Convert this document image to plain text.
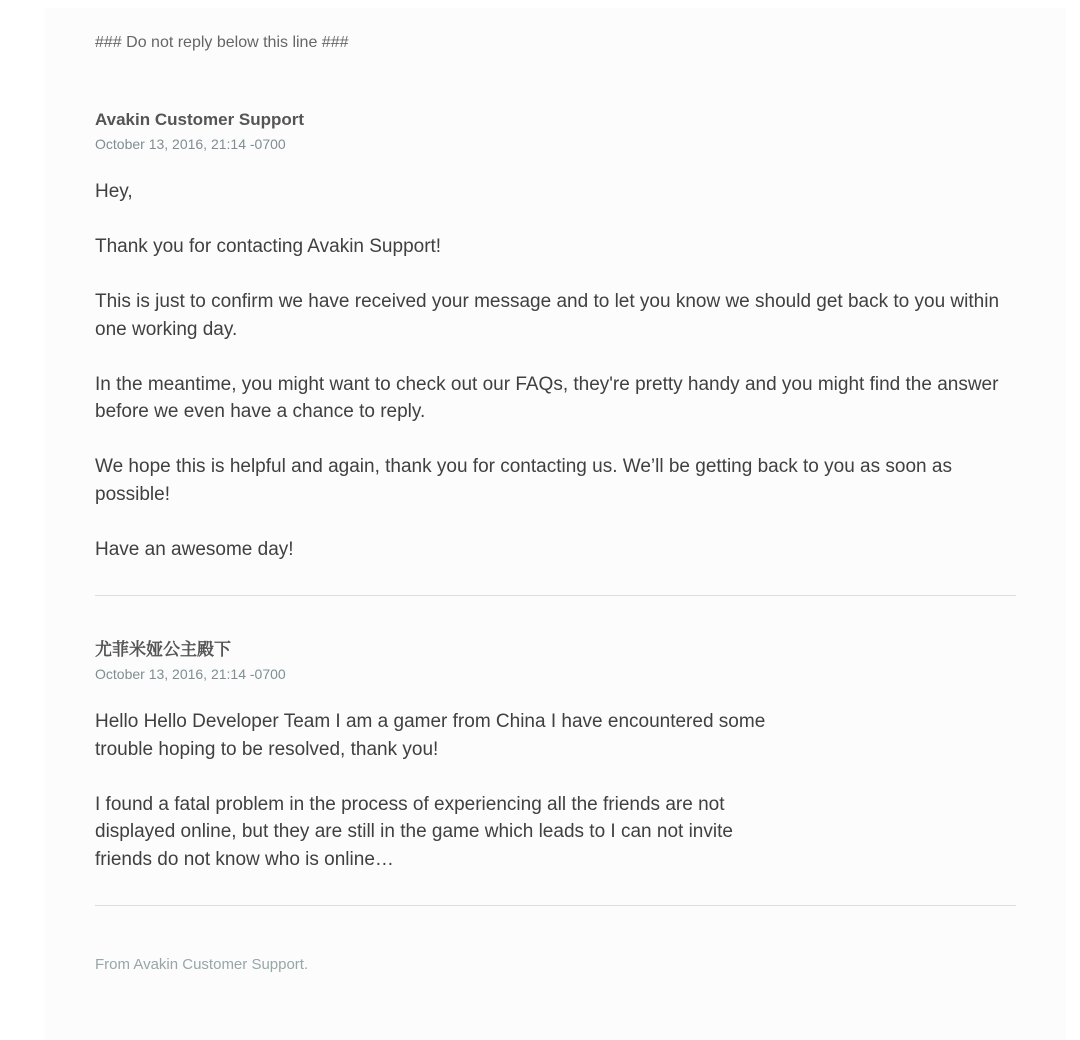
### Do not reply below this line ###

Avakin Customer Support

October 13, 2016, 21:14 -0700

Hey,

Thank you for contacting Avakin Support!

This is just to confirm we have received your message and to let you know we should get back to you within one working day.

In the meantime, you might want to check out our FAQs, they're pretty handy and you might find the answer before we even have a chance to reply.

We hope this is helpful and again, thank you for contacting us. We’ll be getting back to you as soon as possible!

Have an awesome day!

尤菲米娅公主殿下

October 13, 2016, 21:14 -0700

Hello Hello Developer Team I am a gamer from China I have encountered some trouble hoping to be resolved, thank you!

I found a fatal problem in the process of experiencing all the friends are not displayed online, but they are still in the game which leads to I can not invite friends do not know who is online…

From Avakin Customer Support.
